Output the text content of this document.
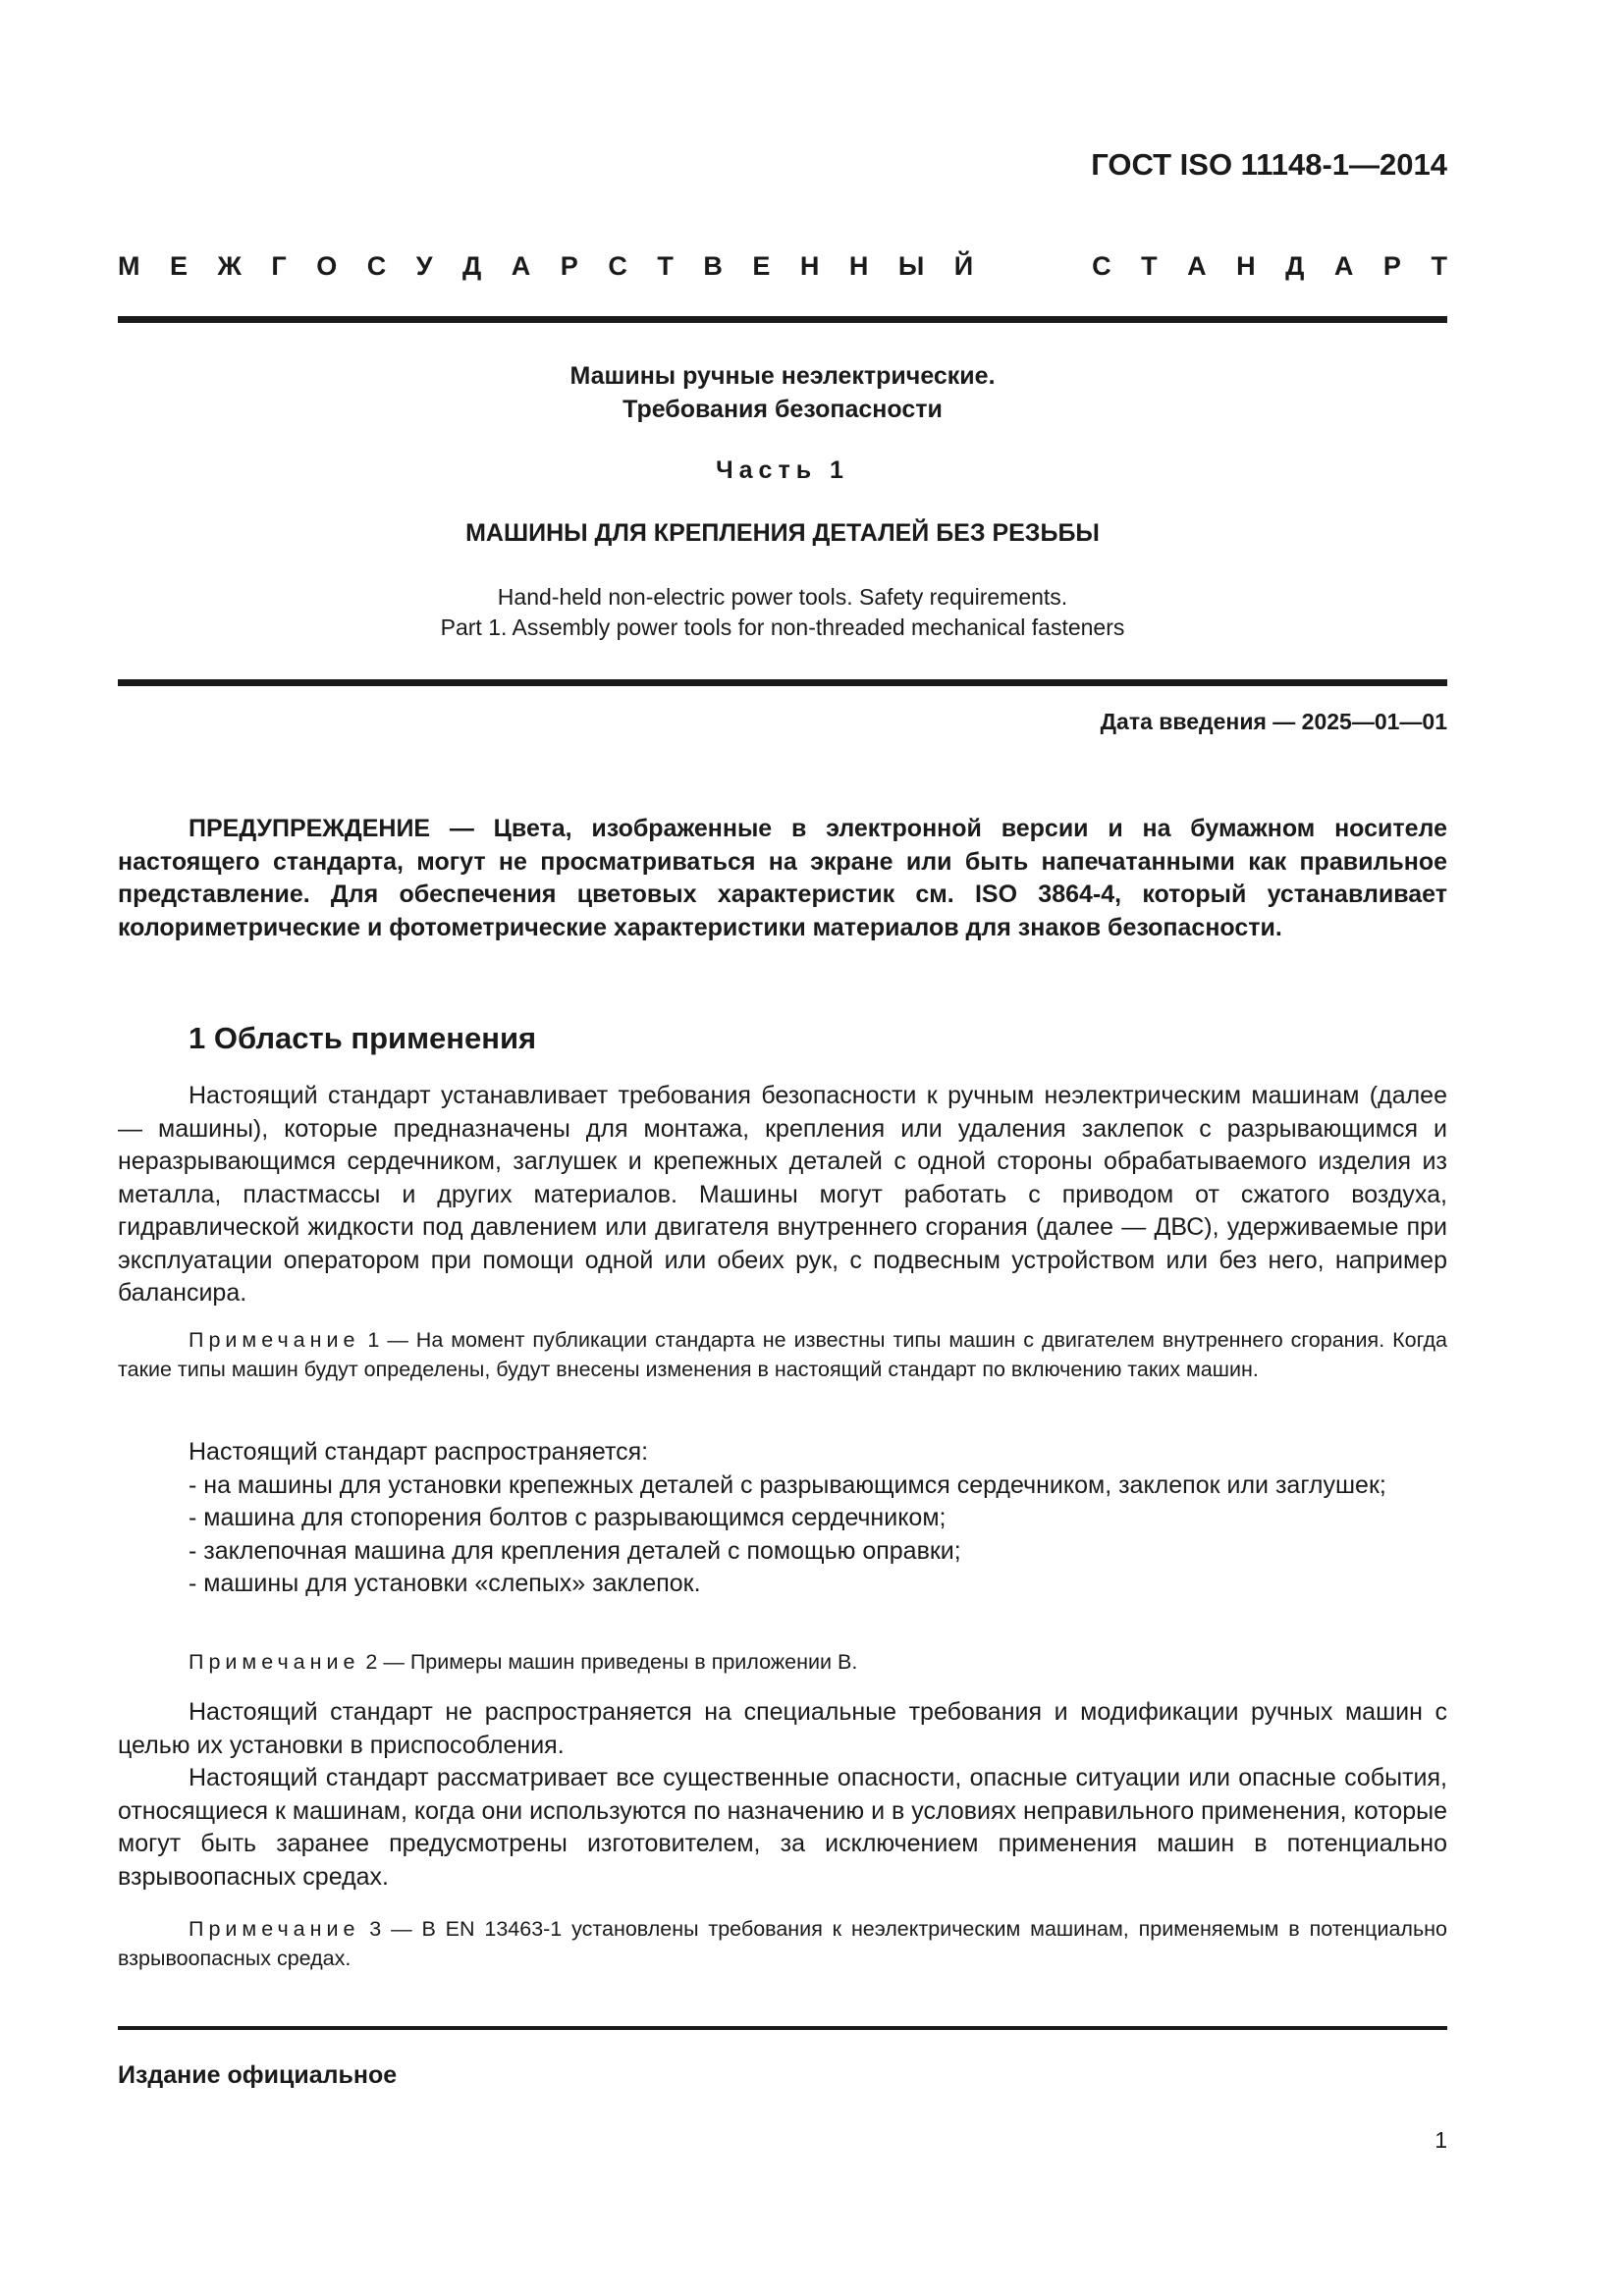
ГОСТ ISO 11148-1—2014
М Е Ж Г О С У Д А Р С Т В Е Н Н Ы Й	С Т А Н Д А Р Т
Машины ручные неэлектрические.
Требования безопасности
Часть 1
МАШИНЫ ДЛЯ КРЕПЛЕНИЯ ДЕТАЛЕЙ БЕЗ РЕЗЬБЫ
Hand-held non-electric power tools. Safety requirements.
Part 1. Assembly power tools for non-threaded mechanical fasteners
Дата введения — 2025—01—01
ПРЕДУПРЕЖДЕНИЕ — Цвета, изображенные в электронной версии и на бумажном носителе настоящего стандарта, могут не просматриваться на экране или быть напечатанными как правильное представление. Для обеспечения цветовых характеристик см. ISO 3864-4, который устанавливает колориметрические и фотометрические характеристики материалов для знаков безопасности.
1 Область применения

Настоящий стандарт устанавливает требования безопасности к ручным неэлектрическим машинам (далее — машины), которые предназначены для монтажа, крепления или удаления заклепок с разрывающимся и неразрывающимся сердечником, заглушек и крепежных деталей с одной стороны обрабатываемого изделия из металла, пластмассы и других материалов. Машины могут работать с приводом от сжатого воздуха, гидравлической жидкости под давлением или двигателя внутреннего сгорания (далее — ДВС), удерживаемые при эксплуатации оператором при помощи одной или обеих рук, с подвесным устройством или без него, например балансира.

Примечание 1 — На момент публикации стандарта не известны типы машин с двигателем внутреннего сгорания. Когда такие типы машин будут определены, будут внесены изменения в настоящий стандарт по включению таких машин.
Настоящий стандарт распространяется:
- на машины для установки крепежных деталей с разрывающимся сердечником, заклепок или заглушек;
- машина для стопорения болтов с разрывающимся сердечником;
- заклепочная машина для крепления деталей с помощью оправки;
- машины для установки «слепых» заклепок.
Примечание 2 — Примеры машин приведены в приложении В.

Настоящий стандарт не распространяется на специальные требования и модификации ручных машин с целью их установки в приспособления.

Настоящий стандарт рассматривает все существенные опасности, опасные ситуации или опасные события, относящиеся к машинам, когда они используются по назначению и в условиях неправильного применения, которые могут быть заранее предусмотрены изготовителем, за исключением применения машин в потенциально взрывоопасных средах.

Примечание 3 — В EN 13463-1 установлены требования к неэлектрическим машинам, применяемым в потенциально взрывоопасных средах.
Издание официальное
1
